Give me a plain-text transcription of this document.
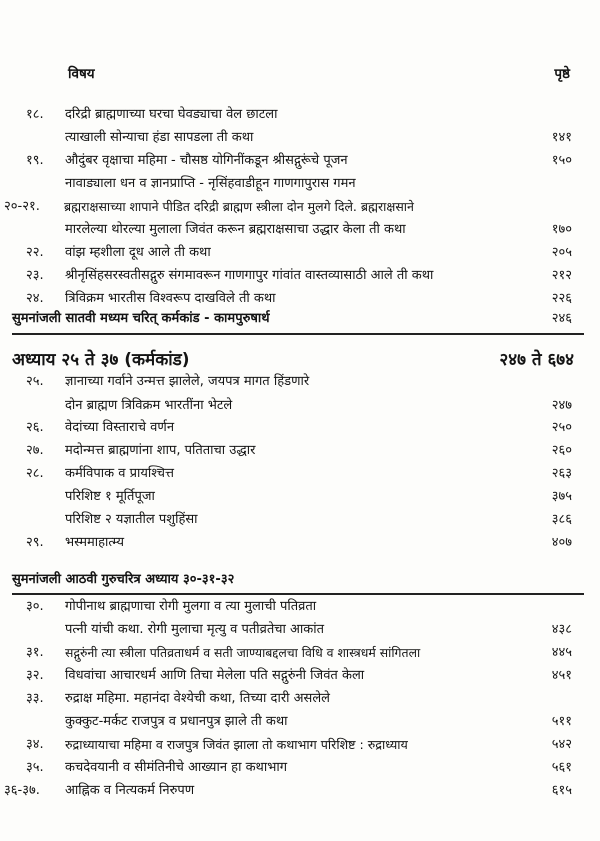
विषय	पृष्ठे
१८. दरिद्री ब्राह्मणाच्या घरचा घेवड्याचा वेल छाटला
त्याखाली सोन्याचा हंडा सापडला ती कथा	१४१
१९. औदुंबर वृक्षाचा महिमा - चौसष्ठ योगिनींकडून श्रीसद्गुरूंचे पूजन	१५०
नावाड्याला धन व ज्ञानप्राप्ति - नृसिंहवाडीहून गाणगापुरास गमन
२०-२१. ब्रह्मराक्षसाच्या शापाने पीडित दरिद्री ब्राह्मण स्त्रीला दोन मुलगे दिले. ब्रह्मराक्षसाने
मारलेल्या थोरल्या मुलाला जिवंत करून ब्रह्मराक्षसाचा उद्धार केला ती कथा	१७०
२२. वांझ म्हशीला दूध आले ती कथा	२०५
२३. श्रीनृसिंहसरस्वतीसद्गुरु संगमावरून गाणगापुर गांवांत वास्तव्यासाठी आले ती कथा	२१२
२४. त्रिविक्रम भारतीस विश्वरूप दाखविले ती कथा	२२६
सुमनांजली सातवी मध्यम चरित् कर्मकांड - कामपुरुषार्थ	२४६
अध्याय २५ ते ३७ (कर्मकांड)	२४७ ते ६७४
२५. ज्ञानाच्या गर्वाने उन्मत्त झालेले, जयपत्र मागत हिंडणारे
दोन ब्राह्मण त्रिविक्रम भारतींना भेटले	२४७
२६. वेदांच्या विस्ताराचे वर्णन	२५०
२७. मदोन्मत्त ब्राह्मणांना शाप, पतिताचा उद्धार	२६०
२८. कर्मविपाक व प्रायश्चित्त	२६३
परिशिष्ट १ मूर्तिपूजा	३७५
परिशिष्ट २ यज्ञातील पशुहिंसा	३८६
२९. भस्ममाहात्म्य	४०७
सुमनांजली आठवी गुरुचरित्र अध्याय ३०-३१-३२
३०. गोपीनाथ ब्राह्मणाचा रोगी मुलगा व त्या मुलाची पतिव्रता
पत्नी यांची कथा. रोगी मुलाचा मृत्यु व पतीव्रतेचा आकांत	४३८
३१. सद्गुरुंनी त्या स्त्रीला पतिव्रताधर्म व सती जाण्याबद्दलचा विधि व शास्त्रधर्म सांगितला	४४५
३२. विधवांचा आचारधर्म आणि तिचा मेलेला पति सद्गुरुंनी जिवंत केला	४५१
३३. रुद्राक्ष महिमा. महानंदा वेश्येची कथा, तिच्या दारी असलेले
कुक्कुट-मर्कट राजपुत्र व प्रधानपुत्र झाले ती कथा	५११
३४. रुद्राध्यायाचा महिमा व राजपुत्र जिवंत झाला तो कथाभाग परिशिष्ट : रुद्राध्याय	५४२
३५. कचदेवयानी व सीमंतिनीचे आख्यान हा कथाभाग	५६१
३६-३७. आह्निक व नित्यकर्म निरुपण	६१५
